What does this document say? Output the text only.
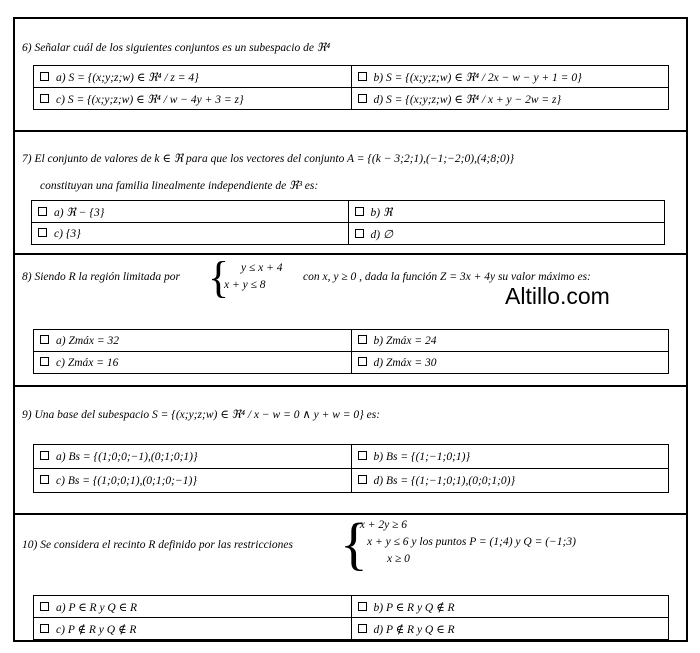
6) Señalar cuál de los siguientes conjuntos es un subespacio de ℜ⁴
a) S = {(x;y;z;w) ∈ ℜ⁴ / z = 4}	b) S = {(x;y;z;w) ∈ ℜ⁴ / 2x − w − y + 1 = 0}
c) S = {(x;y;z;w) ∈ ℜ⁴ / w − 4y + 3 = z}	d) S = {(x;y;z;w) ∈ ℜ⁴ / x + y − 2w = z}
7) El conjunto de valores de k ∈ ℜ para que los vectores del conjunto A = {(k − 3;2;1),(−1;−2;0),(4;8;0)}
constituyan una familia linealmente independiente de ℜ³ es:
a) ℜ − {3}	b) ℜ
c) {3}	d) ∅
8) Siendo R la región limitada por {	y ≤ x + 4
x + y ≤ 8
con x, y ≥ 0 , dada la función Z = 3x + 4y su valor máximo es:
Altillo.com
a) Zmáx = 32	b) Zmáx = 24
c) Zmáx = 16	d) Zmáx = 30
9) Una base del subespacio S = {(x;y;z;w) ∈ ℜ⁴ / x − w = 0 ∧ y + w = 0} es:
a) Bs = {(1;0;0;−1),(0;1;0;1)}	b) Bs = {(1;−1;0;1)}
c) Bs = {(1;0;0;1),(0;1;0;−1)}	d) Bs = {(1;−1;0;1),(0;0;1;0)}
10) Se considera el recinto R definido por las restricciones {
−x + 2y ≥ 6
x + y ≤ 6 y los puntos P = (1;4) y Q = (−1;3)
x ≥ 0
a) P ∈ R y Q ∈ R	b) P ∈ R y Q ∉ R
c) P ∉ R y Q ∉ R	d) P ∉ R y Q ∈ R
